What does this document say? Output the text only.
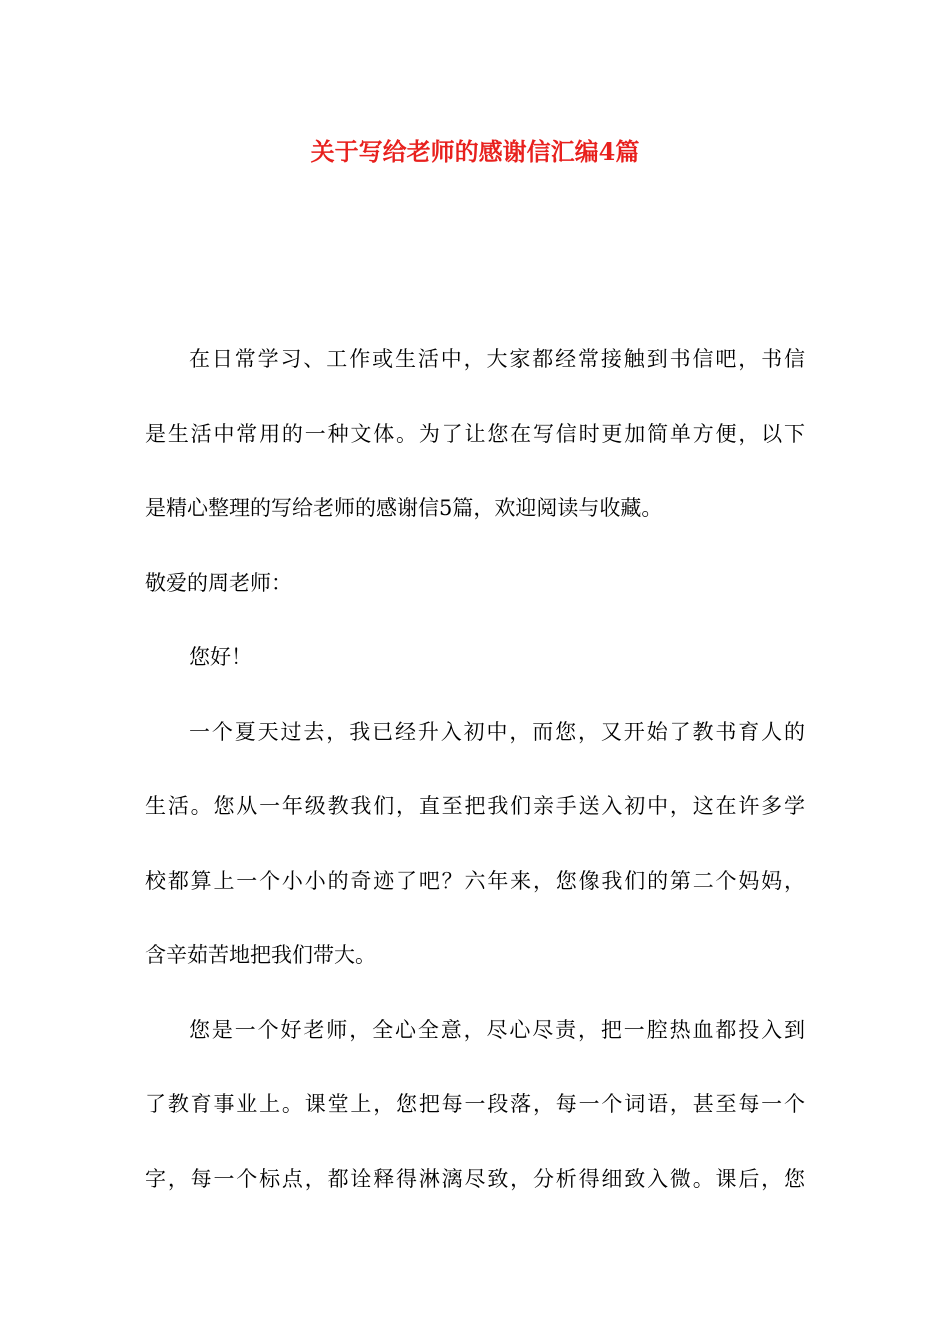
关于写给老师的感谢信汇编4篇
在日常学习、工作或生活中，大家都经常接触到书信吧，书信
是生活中常用的一种文体。为了让您在写信时更加简单方便，以下
是精心整理的写给老师的感谢信5篇，欢迎阅读与收藏。
敬爱的周老师：
您好！
一个夏天过去，我已经升入初中，而您，又开始了教书育人的
生活。您从一年级教我们，直至把我们亲手送入初中，这在许多学
校都算上一个小小的奇迹了吧？六年来，您像我们的第二个妈妈，
含辛茹苦地把我们带大。
您是一个好老师，全心全意，尽心尽责，把一腔热血都投入到
了教育事业上。课堂上，您把每一段落，每一个词语，甚至每一个
字，每一个标点，都诠释得淋漓尽致，分析得细致入微。课后，您
